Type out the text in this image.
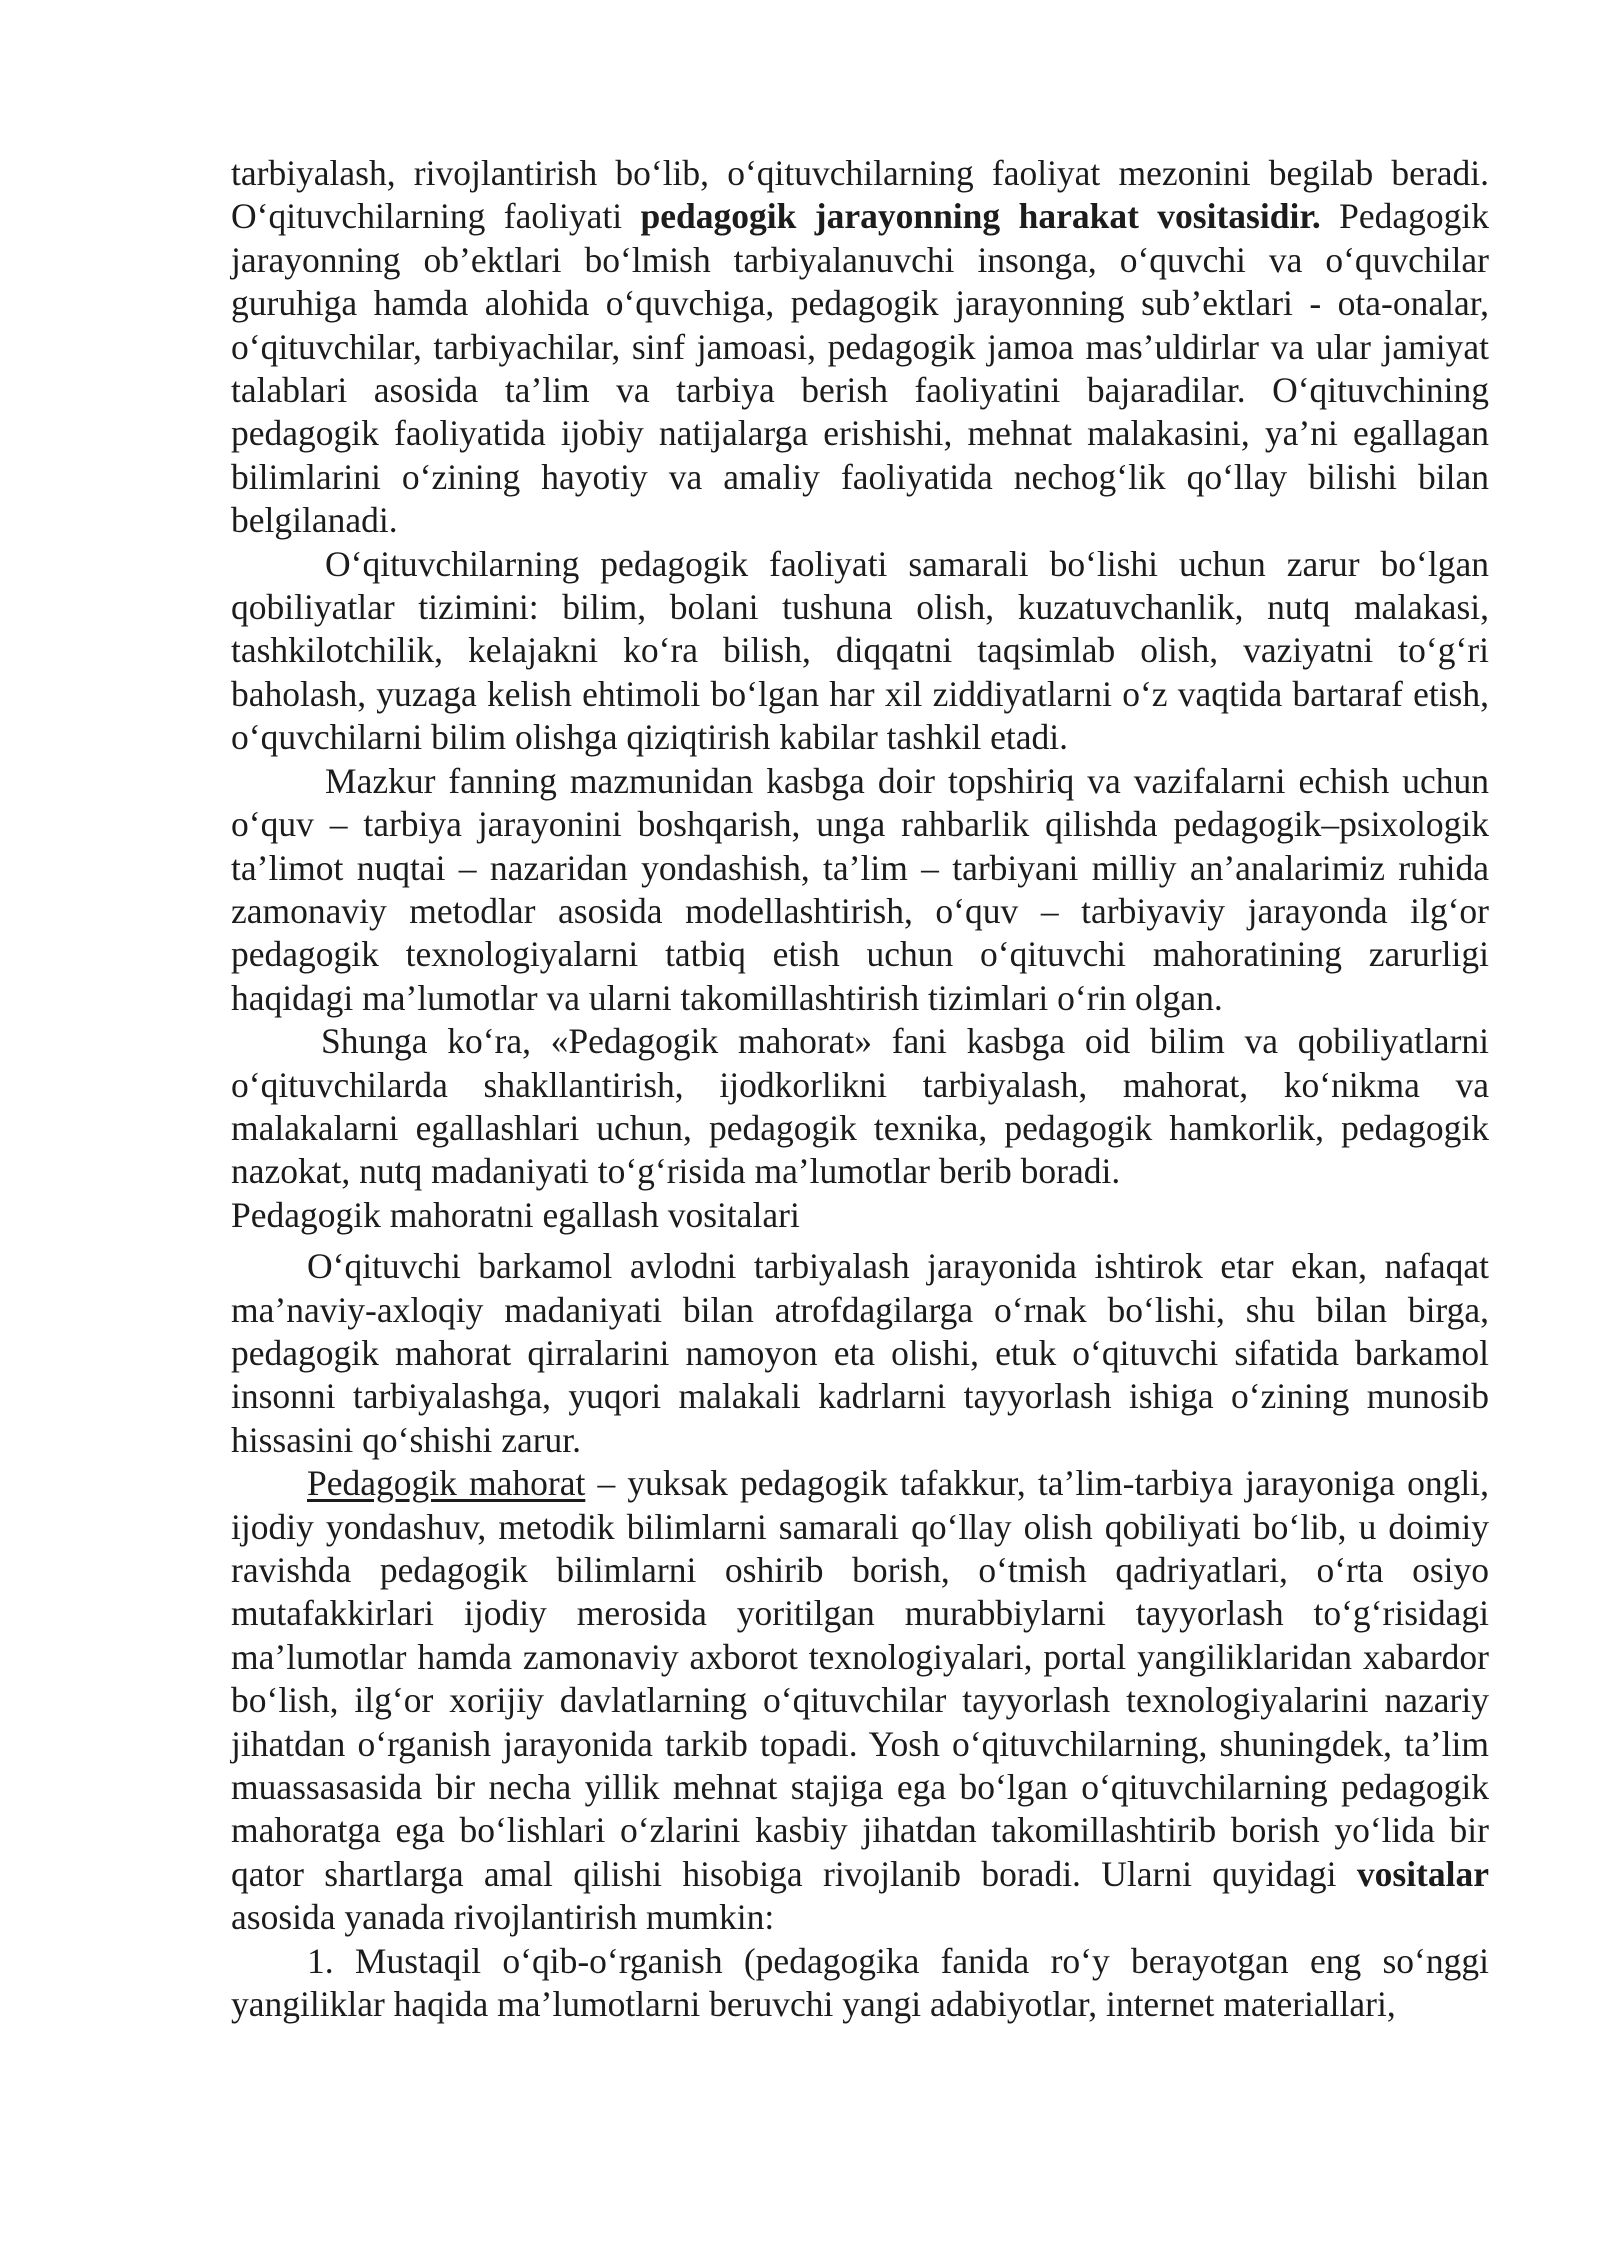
tarbiyalash, rivojlantirish bo‘lib, o‘qituvchilarning faoliyat mezonini begilab beradi. O‘qituvchilarning faoliyati pedagogik jarayonning harakat vositasidir. Pedagogik jarayonning ob’ektlari bo‘lmish tarbiyalanuvchi insonga, o‘quvchi va o‘quvchilar guruhiga hamda alohida o‘quvchiga, pedagogik jarayonning sub’ektlari - ota-onalar, o‘qituvchilar, tarbiyachilar, sinf jamoasi, pedagogik jamoa mas’uldirlar va ular jamiyat talablari asosida ta’lim va tarbiya berish faoliyatini bajaradilar. O‘qituvchining pedagogik faoliyatida ijobiy natijalarga erishishi, mehnat malakasini, ya’ni egallagan bilimlarini o‘zining hayotiy va amaliy faoliyatida nechog‘lik qo‘llay bilishi bilan belgilanadi.

O‘qituvchilarning pedagogik faoliyati samarali bo‘lishi uchun zarur bo‘lgan qobiliyatlar tizimini: bilim, bolani tushuna olish, kuzatuvchanlik, nutq malakasi, tashkilotchilik, kelajakni ko‘ra bilish, diqqatni taqsimlab olish, vaziyatni to‘g‘ri baholash, yuzaga kelish ehtimoli bo‘lgan har xil ziddiyatlarni o‘z vaqtida bartaraf etish, o‘quvchilarni bilim olishga qiziqtirish kabilar tashkil etadi.

Mazkur fanning mazmunidan kasbga doir topshiriq va vazifalarni echish uchun o‘quv – tarbiya jarayonini boshqarish, unga rahbarlik qilishda pedagogik–psixologik ta’limot nuqtai – nazaridan yondashish, ta’lim – tarbiyani milliy an’analarimiz ruhida zamonaviy metodlar asosida modellashtirish, o‘quv – tarbiyaviy jarayonda ilg‘or pedagogik texnologiyalarni tatbiq etish uchun o‘qituvchi mahoratining zarurligi haqidagi ma’lumotlar va ularni takomillashtirish tizimlari o‘rin olgan.

Shunga ko‘ra, «Pedagogik mahorat» fani kasbga oid bilim va qobiliyatlarni o‘qituvchilarda shakllantirish, ijodkorlikni tarbiyalash, mahorat, ko‘nikma va malakalarni egallashlari uchun, pedagogik texnika, pedagogik hamkorlik, pedagogik nazokat, nutq madaniyati to‘g‘risida ma’lumotlar berib boradi.

Pedagogik mahoratni egallash vositalari

O‘qituvchi barkamol avlodni tarbiyalash jarayonida ishtirok etar ekan, nafaqat ma’naviy-axloqiy madaniyati bilan atrofdagilarga o‘rnak bo‘lishi, shu bilan birga, pedagogik mahorat qirralarini namoyon eta olishi, etuk o‘qituvchi sifatida barkamol insonni tarbiyalashga, yuqori malakali kadrlarni tayyorlash ishiga o‘zining munosib hissasini qo‘shishi zarur.

Pedagogik mahorat – yuksak pedagogik tafakkur, ta’lim-tarbiya jarayoniga ongli, ijodiy yondashuv, metodik bilimlarni samarali qo‘llay olish qobiliyati bo‘lib, u doimiy ravishda pedagogik bilimlarni oshirib borish, o‘tmish qadriyatlari, o‘rta osiyo mutafakkirlari ijodiy merosida yoritilgan murabbiylarni tayyorlash to‘g‘risidagi ma’lumotlar hamda zamonaviy axborot texnologiyalari, portal yangiliklaridan xabardor bo‘lish, ilg‘or xorijiy davlatlarning o‘qituvchilar tayyorlash texnologiyalarini nazariy jihatdan o‘rganish jarayonida tarkib topadi. Yosh o‘qituvchilarning, shuningdek, ta’lim muassasasida bir necha yillik mehnat stajiga ega bo‘lgan o‘qituvchilarning pedagogik mahoratga ega bo‘lishlari o‘zlarini kasbiy jihatdan takomillashtirib borish yo‘lida bir qator shartlarga amal qilishi hisobiga rivojlanib boradi. Ularni quyidagi vositalar asosida yanada rivojlantirish mumkin:

1. Mustaqil o‘qib-o‘rganish (pedagogika fanida ro‘y berayotgan eng so‘nggi yangiliklar haqida ma’lumotlarni beruvchi yangi adabiyotlar, internet materiallari,
